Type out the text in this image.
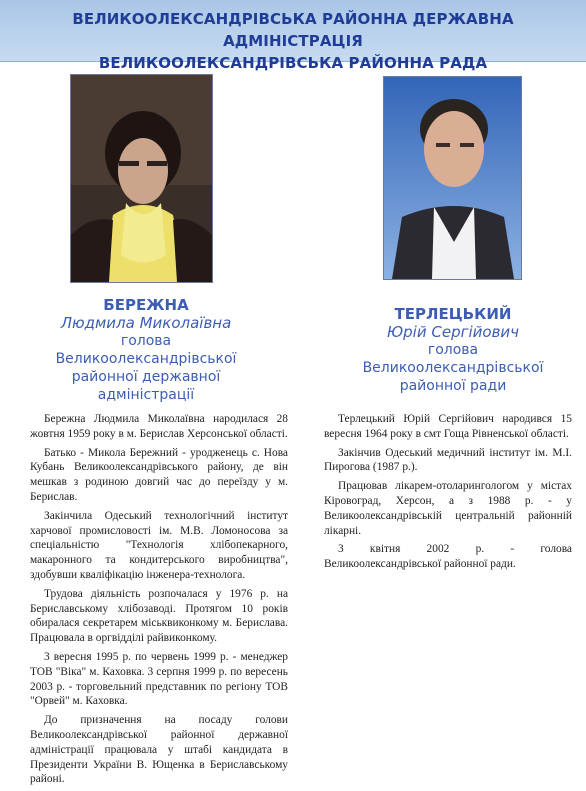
ВЕЛИКООЛЕКСАНДРІВСЬКА РАЙОННА ДЕРЖАВНА АДМІНІСТРАЦІЯ
ВЕЛИКООЛЕКСАНДРІВСЬКА РАЙОННА РАДА
БЕРЕЖНА
Людмила Миколаївна
голова
Великоолександрівської
районної державної
адміністрації
ТЕРЛЕЦЬКИЙ
Юрій Сергійович
голова
Великоолександрівської
районної ради

Бережна Людмила Миколаївна народилася 28 жовтня 1959 року в м. Берислав Херсонської області.

Батько - Микола Бережний - уродженець с. Нова Кубань Великоолександрівського району, де він мешкав з родиною довгий час до переїзду у м. Берислав.

Закінчила Одеський технологічний інститут харчової промисловості ім. М.В. Ломоносова за спеціальністю "Технологія хлібопекарного, макаронного та кондитерського виробництва", здобувши кваліфікацію інженера-технолога.

Трудова діяльність розпочалася у 1976 р. на Бериславському хлібозаводі. Протягом 10 років обиралася секретарем міськвиконкому м. Берислава. Працювала в оргвідділі райвиконкому.

3 вересня 1995 р. по червень 1999 р. - менеджер ТОВ "Віка" м. Каховка. 3 серпня 1999 р. по вересень 2003 р. - торговельний представник по регіону ТОВ "Орвей" м. Каховка.

До призначення на посаду голови Великоолександрівської районної державної адміністрації працювала у штабі кандидата в Президенти України В. Ющенка в Бериславському районі.

Терлецький Юрій Сергійович народився 15 вересня 1964 року в смт Гоща Рівненської області.

Закінчив Одеський медичний інститут ім. М.І. Пирогова (1987 р.).

Працював лікарем-отоларингологом у містах Кіровоград, Херсон, а з 1988 р. - у Великоолександрівській центральній районній лікарні.

3 квітня 2002 р. - голова Великоолександрівської районної ради.
